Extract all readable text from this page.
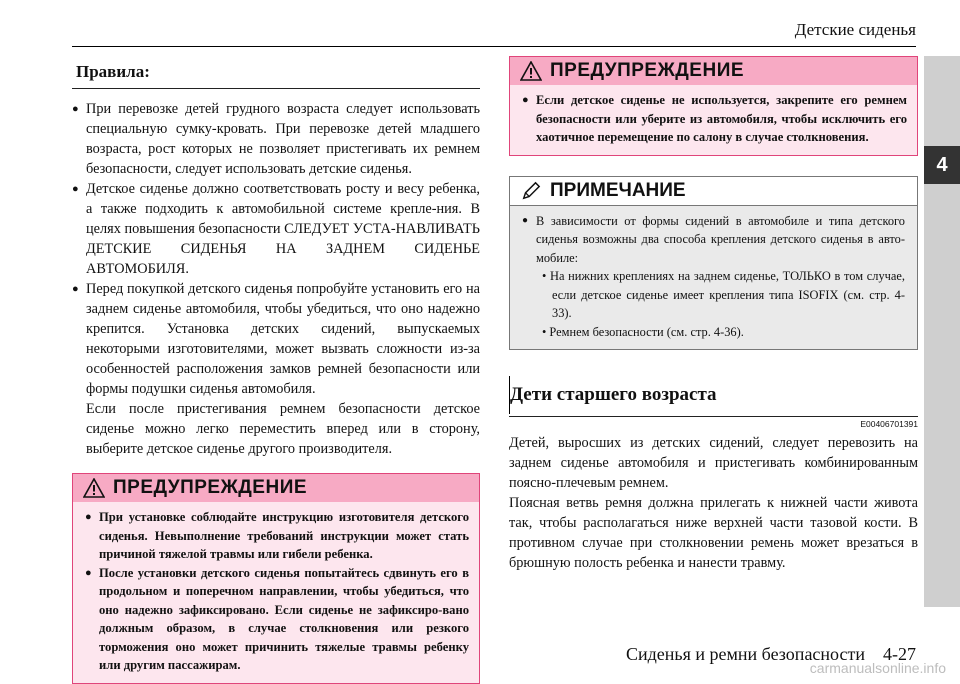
Детские сиденья
4
Правила:
● При перевозке детей грудного возраста следует использовать специальную сумку-кровать. При перевозке детей младшего возраста, рост которых не позволяет пристегивать их ремнем безопасности, следует использовать детские сиденья.
● Детское сиденье должно соответствовать росту и весу ребенка, а также подходить к автомобильной системе крепле-ния. В целях повышения безопасности СЛЕДУЕТ УСТА-НАВЛИВАТЬ ДЕТСКИЕ СИДЕНЬЯ НА ЗАДНЕМ СИДЕНЬЕ АВТОМОБИЛЯ.
● Перед покупкой детского сиденья попробуйте установить его на заднем сиденье автомобиля, чтобы убедиться, что оно надежно крепится. Установка детских сидений, выпускаемых некоторыми изготовителями, может вызвать сложности из-за особенностей расположения замков ремней безопасности или формы подушки сиденья автомобиля.
Если после пристегивания ремнем безопасности детское сиденье можно легко переместить вперед или в сторону, выберите детское сиденье другого производителя.
ПРЕДУПРЕЖДЕНИЕ
● При установке соблюдайте инструкцию изготовителя детского сиденья. Невыполнение требований инструкции может стать причиной тяжелой травмы или гибели ребенка.
● После установки детского сиденья попытайтесь сдвинуть его в продольном и поперечном направлении, чтобы убедиться, что оно надежно зафиксировано. Если сиденье не зафиксиро-вано должным образом, в случае столкновения или резкого торможения оно может причинить тяжелые травмы ребенку или другим пассажирам.
ПРЕДУПРЕЖДЕНИЕ
● Если детское сиденье не используется, закрепите его ремнем безопасности или уберите из автомобиля, чтобы исключить его хаотичное перемещение по салону в случае столкновения.
ПРИМЕЧАНИЕ
● В зависимости от формы сидений в автомобиле и типа детского сиденья возможны два способа крепления детского сиденья в авто-мобиле:
• На нижних креплениях на заднем сиденье, ТОЛЬКО в том случае, если детское сиденье имеет крепления типа ISOFIX (см. стр. 4-33).
• Ремнем безопасности (см. стр. 4-36).
Дети старшего возраста
E00406701391
Детей, выросших из детских сидений, следует перевозить на заднем сиденье автомобиля и пристегивать комбинированным поясно-плечевым ремнем.
Поясная ветвь ремня должна прилегать к нижней части живота так, чтобы располагаться ниже верхней части тазовой кости. В противном случае при столкновении ремень может врезаться в брюшную полость ребенка и нанести травму.
Сиденья и ремни безопасности 4-27
carmanualsonline.info
